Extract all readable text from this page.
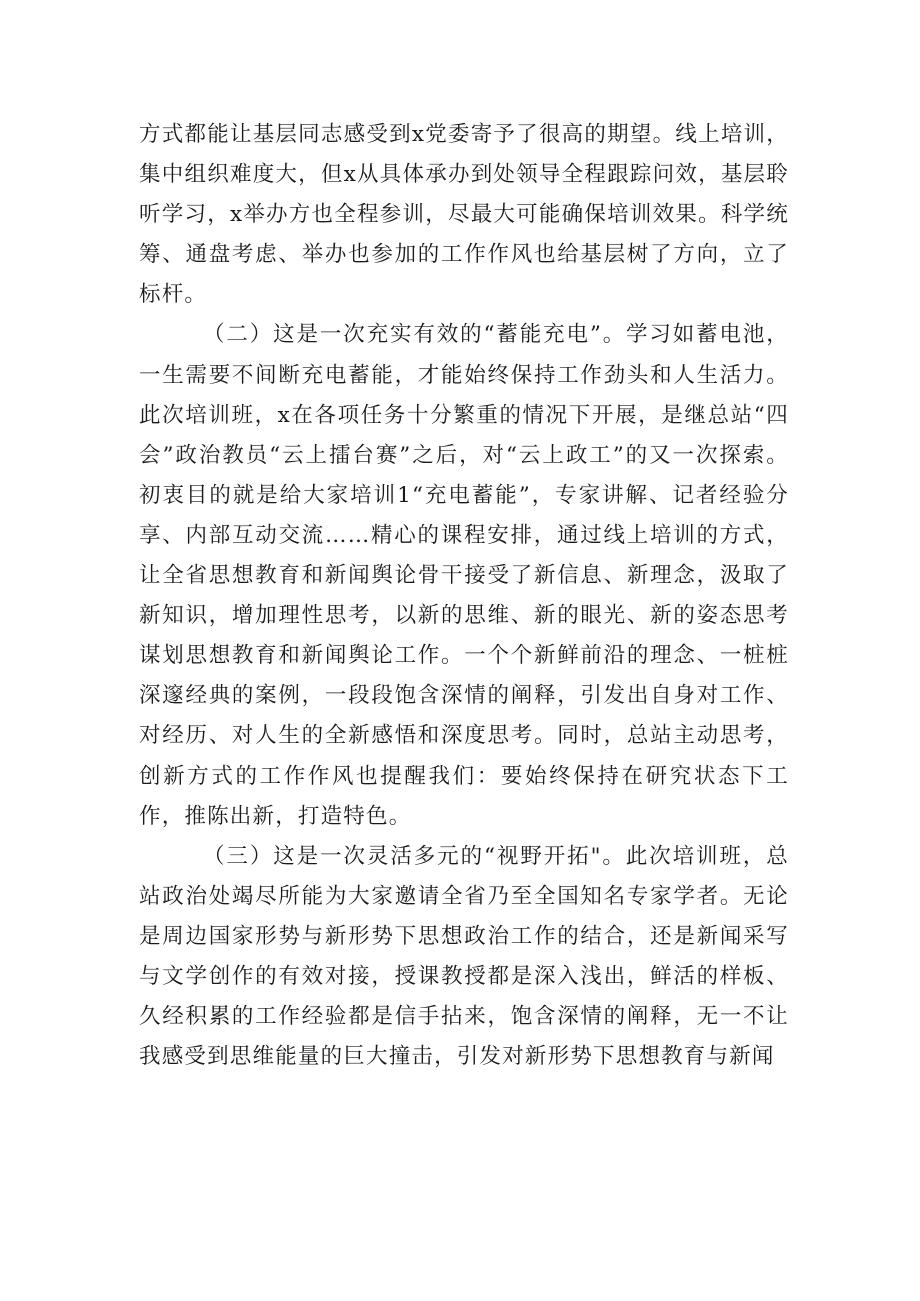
方式都能让基层同志感受到x党委寄予了很高的期望。线上培训，集中组织难度大，但x从具体承办到处领导全程跟踪问效，基层聆听学习，x举办方也全程参训，尽最大可能确保培训效果。科学统筹、通盘考虑、举办也参加的工作作风也给基层树了方向，立了标杆。

（二）这是一次充实有效的“蓄能充电”。学习如蓄电池，一生需要不间断充电蓄能，才能始终保持工作劲头和人生活力。此次培训班，x在各项任务十分繁重的情况下开展，是继总站“四会”政治教员“云上擂台赛”之后，对“云上政工”的又一次探索。初衷目的就是给大家培训1“充电蓄能”，专家讲解、记者经验分享、内部互动交流……精心的课程安排，通过线上培训的方式，让全省思想教育和新闻舆论骨干接受了新信息、新理念，汲取了新知识，增加理性思考，以新的思维、新的眼光、新的姿态思考谋划思想教育和新闻舆论工作。一个个新鲜前沿的理念、一桩桩深邃经典的案例，一段段饱含深情的阐释，引发出自身对工作、对经历、对人生的全新感悟和深度思考。同时，总站主动思考，创新方式的工作作风也提醒我们：要始终保持在研究状态下工作，推陈出新，打造特色。

（三）这是一次灵活多元的“视野开拓"。此次培训班，总站政治处竭尽所能为大家邀请全省乃至全国知名专家学者。无论是周边国家形势与新形势下思想政治工作的结合，还是新闻采写与文学创作的有效对接，授课教授都是深入浅出，鲜活的样板、久经积累的工作经验都是信手拈来，饱含深情的阐释，无一不让我感受到思维能量的巨大撞击，引发对新形势下思想教育与新闻
